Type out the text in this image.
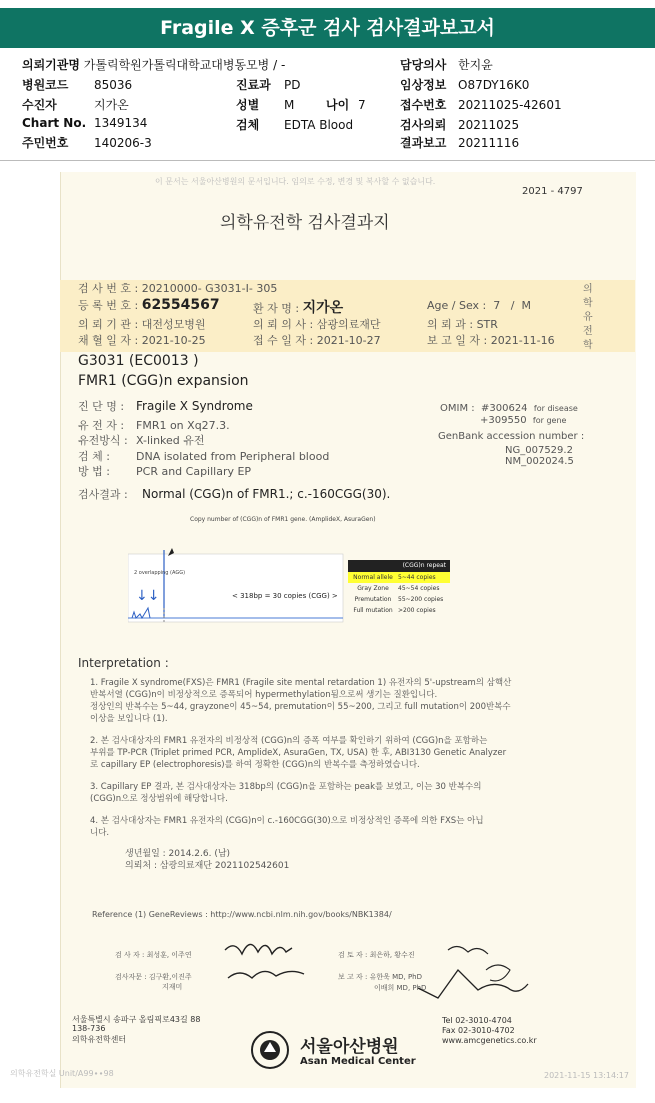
Fragile X 증후군 검사 검사결과보고서
의뢰기관명 가톨릭학원가톨릭대학교대병동모병 / -
병원코드 85036
수진자	지가온
Chart No. 1349134
주민번호 140206-3
진료과 PD
성별 M	나이 7
검체 EDTA Blood
담당의사 한지윤
임상정보 O87DY16K0
접수번호 20211025-42601
검사의뢰 20211025
결과보고 20211116
이 문서는 서울아산병원의 문서입니다. 임의로 수정, 변경 및 복사할 수 없습니다.
2021 - 4797
의학유전학 검사결과지
검 사 번 호 : 20210000- G3031-I- 305
등 록 번 호 : 62554567	환 자 명 : 지가온	Age / Sex : 7 / M
의 뢰 기 관 : 대전성모병원	의 뢰 의 사 : 삼광의료재단	의 뢰 과 : STR
채 혈 일 자 : 2021-10-25	접 수 일 자 : 2021-10-27	보 고 일 자 : 2021-11-16
의학유전학
G3031 (EC0013 )
FMR1 (CGG)n expansion
진 단 명 : Fragile X Syndrome
유 전 자 : FMR1 on Xq27.3.
유전방식 : X-linked 유전
검 체 : DNA isolated from Peripheral blood
방 법 : PCR and Capillary EP
OMIM : #300624 for disease
+309550 for gene
GenBank accession number :
NG_007529.2
NM_002024.5
검사결과 : Normal (CGG)n of FMR1.; c.-160CGG(30).
Copy number of (CGG)n of FMR1 gene. (AmplideX, AsuraGen)
2 overlapping (AGG)
↓↓	< 318bp = 30 copies (CGG) >
(CGG)n repeat
Normal allele 5~44 copies
Gray Zone	45~54 copies
Premutation	55~200 copies
Full mutation >200 copies
Interpretation :
1. Fragile X syndrome(FXS)은 FMR1 (Fragile site mental retardation 1) 유전자의 5'-upstream의 삼핵산
반복서열 (CGG)n이 비정상적으로 증폭되어 hypermethylation됨으로써 생기는 질환입니다.
정상인의 반복수는 5~44, grayzone이 45~54, premutation이 55~200, 그리고 full mutation이 200반복수
이상을 보입니다 (1).
2. 본 검사대상자의 FMR1 유전자의 비정상적 (CGG)n의 증폭 여부를 확인하기 위하여 (CGG)n을 포함하는
부위를 TP-PCR (Triplet primed PCR, AmplideX, AsuraGen, TX, USA) 한 후, ABI3130 Genetic Analyzer
로 capillary EP (electrophoresis)를 하여 정확한 (CGG)n의 반복수를 측정하였습니다.
3. Capillary EP 결과, 본 검사대상자는 318bp의 (CGG)n을 포함하는 peak를 보였고, 이는 30 반복수의
(CGG)n으로 정상범위에 해당합니다.
4. 본 검사대상자는 FMR1 유전자의 (CGG)n이 c.-160CGG(30)으로 비정상적인 증폭에 의한 FXS는 아닙
니다.
생년월일 : 2014.2.6. (남)
의뢰처 : 삼광의료재단 2021102542601
Reference (1) GeneReviews : http://www.ncbi.nlm.nih.gov/books/NBK1384/
검 사 자 : 최성훈, 이주연
검사자문 : 김구환,이진주
지재미
검 토 자 : 최은하, 황수진
보 고 자 : 유한욱 MD, PhD
이배희 MD, PhD
서울특별시 송파구 올림픽로43길 88
138-736
의학유전학센터
Tel 02-3010-4704
Fax 02-3010-4702
www.amcgenetics.co.kr
서울아산병원
Asan Medical Center
의학유전학실 Unit/A99∙∙98	2021-11-15 13:14:17
